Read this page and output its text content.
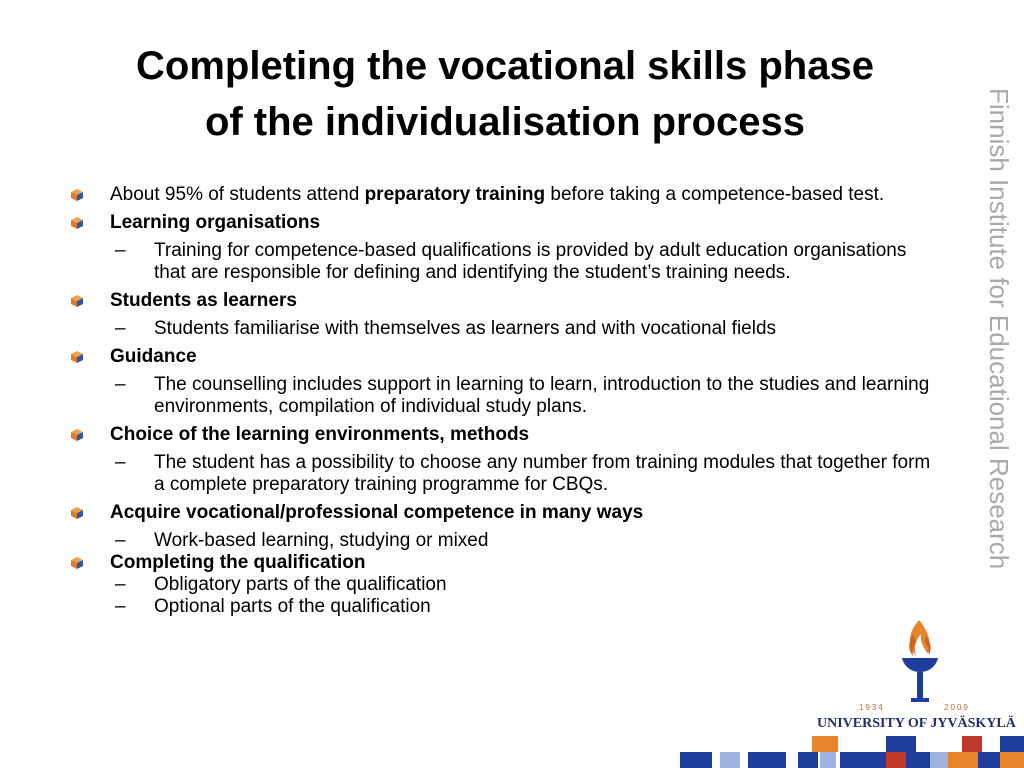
Completing the vocational skills phase
of the individualisation process
About 95% of students attend preparatory training before taking a competence-based test.
Learning organisations
– Training for competence-based qualifications is provided by adult education organisations that are responsible for defining and identifying the student’s training needs.
Students as learners
– Students familiarise with themselves as learners and with vocational fields
Guidance
– The counselling includes support in learning to learn, introduction to the studies and learning environments, compilation of individual study plans.
Choice of the learning environments, methods
– The student has a possibility to choose any number from training modules that together form a complete preparatory training programme for CBQs.
Acquire vocational/professional competence in many ways
– Work-based learning, studying or mixed
Completing the qualification
– Obligatory parts of the qualification
– Optional parts of the qualification
Finnish Institute for Educational Research
1934	2009
UNIVERSITY OF JYVÄSKYLÄ
